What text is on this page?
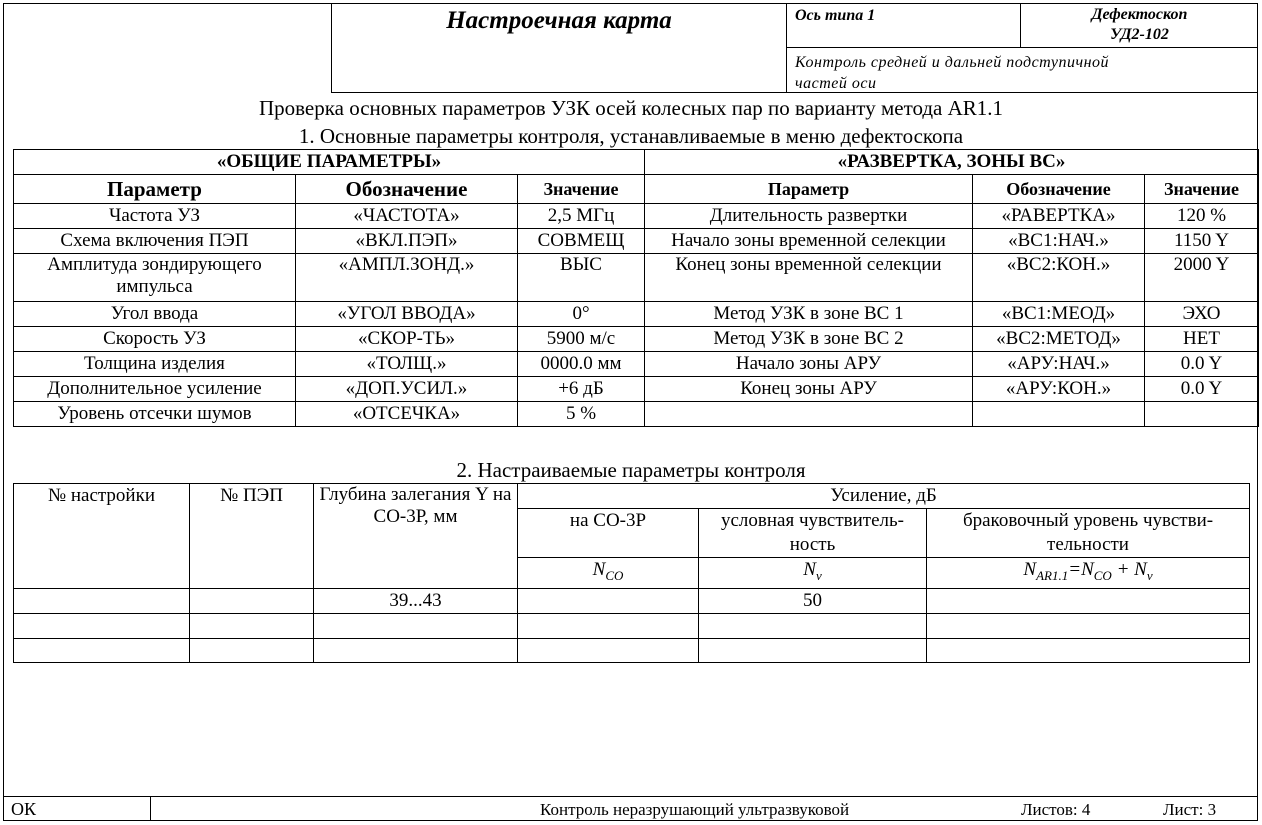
Настроечная карта	Ось типа 1	Дефектоскоп
УД2-102
Контроль средней и дальней подступичной
частей оси
Проверка основных параметров УЗК осей колесных пар по варианту метода AR1.1
1. Основные параметры контроля, устанавливаемые в меню дефектоскопа
«ОБЩИЕ ПАРАМЕТРЫ»			«РАЗВЕРТКА, ЗОНЫ ВС»		
Параметр	Обозначение	Значение	Параметр	Обозначение	Значение
Частота УЗ	«ЧАСТОТА»	2,5 МГц	Длительность развертки	«РАВЕРТКА»	120 %
Схема включения ПЭП	«ВКЛ.ПЭП»	СОВМЕЩ	Начало зоны временной селекции	«ВС1:НАЧ.»	1150 Y
Амплитуда зондирующего импульса	«АМПЛ.ЗОНД.»	ВЫС	Конец зоны временной селекции	«ВС2:КОН.»	2000 Y
Угол ввода	«УГОЛ ВВОДА»	0°	Метод УЗК в зоне ВС 1	«ВС1:МЕОД»	ЭХО
Скорость УЗ	«СКОР-ТЬ»	5900 м/с	Метод УЗК в зоне ВС 2	«ВС2:МЕТОД»	НЕТ
Толщина изделия	«ТОЛЩ.»	0000.0 мм	Начало зоны АРУ	«АРУ:НАЧ.»	0.0 Y
Дополнительное усиление	«ДОП.УСИЛ.»	+6 дБ	Конец зоны АРУ	«АРУ:КОН.»	0.0 Y
Уровень отсечки шумов	«ОТСЕЧКА»	5 %			
2. Настраиваемые параметры контроля
№ настройки	№ ПЭП	Глубина залегания Y на СО-3Р, мм	Усиление, дБ		
			на СО-3Р	условная чувствитель-ность	браковочный уровень чувстви-тельности
			$N_{CO}$	$N_v$	$N_{AR1.1}=N_{CO} + N_v$
		39...43		50	

ОК	Контроль неразрушающий ультразвуковой	Листов: 4	Лист: 3
